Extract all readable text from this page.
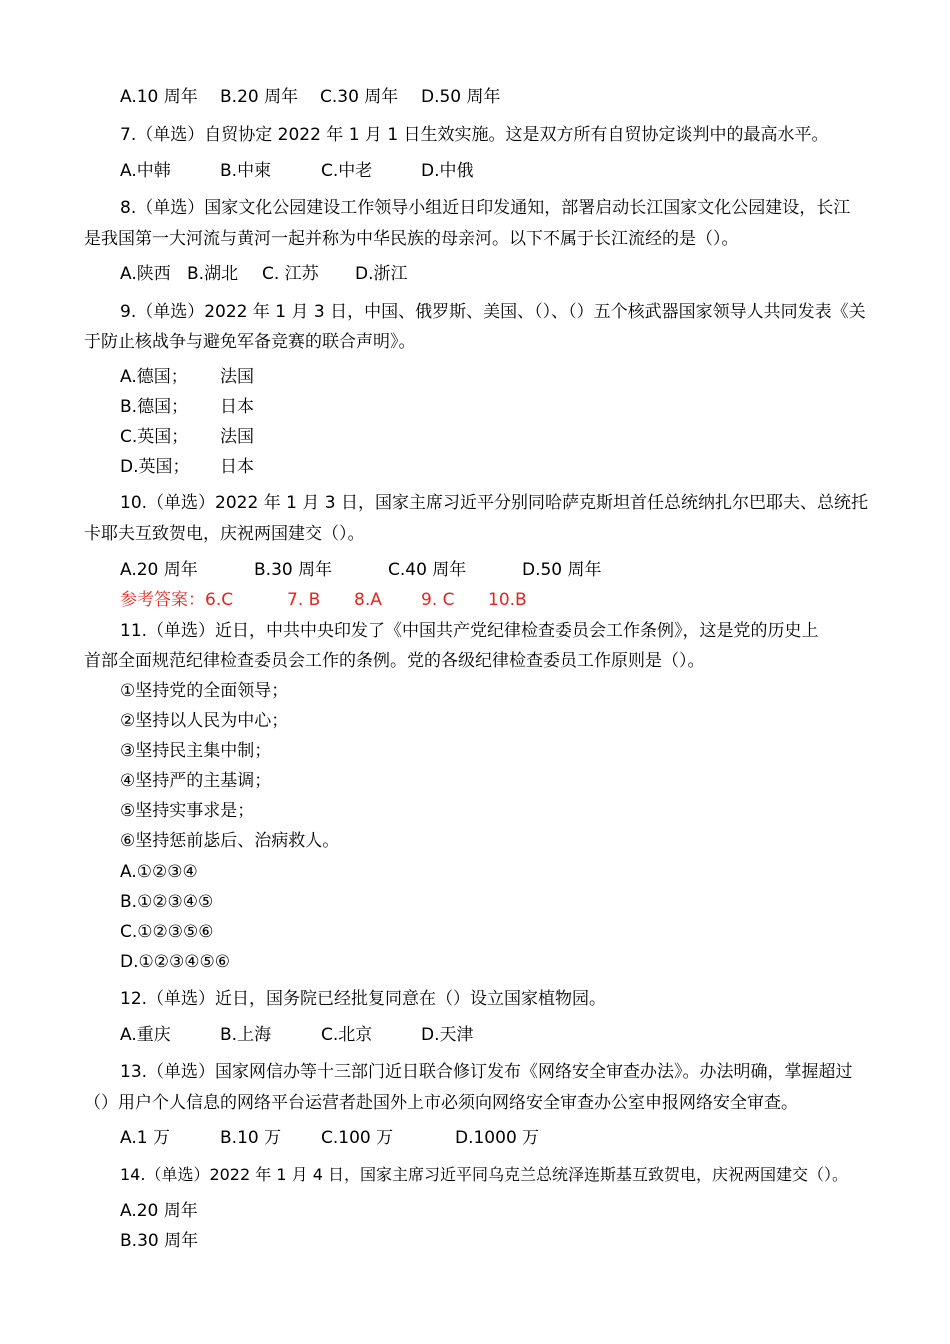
A.10 周年 B.20 周年 C.30 周年 D.50 周年
7.（单选）自贸协定 2022 年 1 月 1 日生效实施。这是双方所有自贸协定谈判中的最高水平。
A.中韩	B.中柬	C.中老	D.中俄
8.（单选）国家文化公园建设工作领导小组近日印发通知，部署启动长江国家文化公园建设，长江
是我国第一大河流与黄河一起并称为中华民族的母亲河。以下不属于长江流经的是（）。
A.陕西 B.湖北 C. 江苏 D.浙江
9.（单选）2022 年 1 月 3 日，中国、俄罗斯、美国、（）、（）五个核武器国家领导人共同发表《关
于防止核战争与避免军备竞赛的联合声明》。
A.德国； 法国
B.德国； 日本
C.英国； 法国
D.英国； 日本
10.（单选）2022 年 1 月 3 日，国家主席习近平分别同哈萨克斯坦首任总统纳扎尔巴耶夫、总统托
卡耶夫互致贺电，庆祝两国建交（）。
A.20 周年	B.30 周年	C.40 周年	D.50 周年
参考答案：6.C	7. B 8.A 9. C 10.B
11.（单选）近日，中共中央印发了《中国共产党纪律检查委员会工作条例》，这是党的历史上
首部全面规范纪律检查委员会工作的条例。党的各级纪律检查委员工作原则是（）。
①坚持党的全面领导；
②坚持以人民为中心；
③坚持民主集中制；
④坚持严的主基调；
⑤坚持实事求是；
⑥坚持惩前毖后、治病救人。
A.①②③④
B.①②③④⑤
C.①②③⑤⑥
D.①②③④⑤⑥
12.（单选）近日，国务院已经批复同意在（）设立国家植物园。
A.重庆	B.上海	C.北京	D.天津
13.（单选）国家网信办等十三部门近日联合修订发布《网络安全审查办法》。办法明确，掌握超过
（）用户个人信息的网络平台运营者赴国外上市必须向网络安全审查办公室申报网络安全审查。
A.1 万	B.10 万 C.100 万	D.1000 万
14.（单选）2022 年 1 月 4 日，国家主席习近平同乌克兰总统泽连斯基互致贺电，庆祝两国建交（）。
A.20 周年
B.30 周年
